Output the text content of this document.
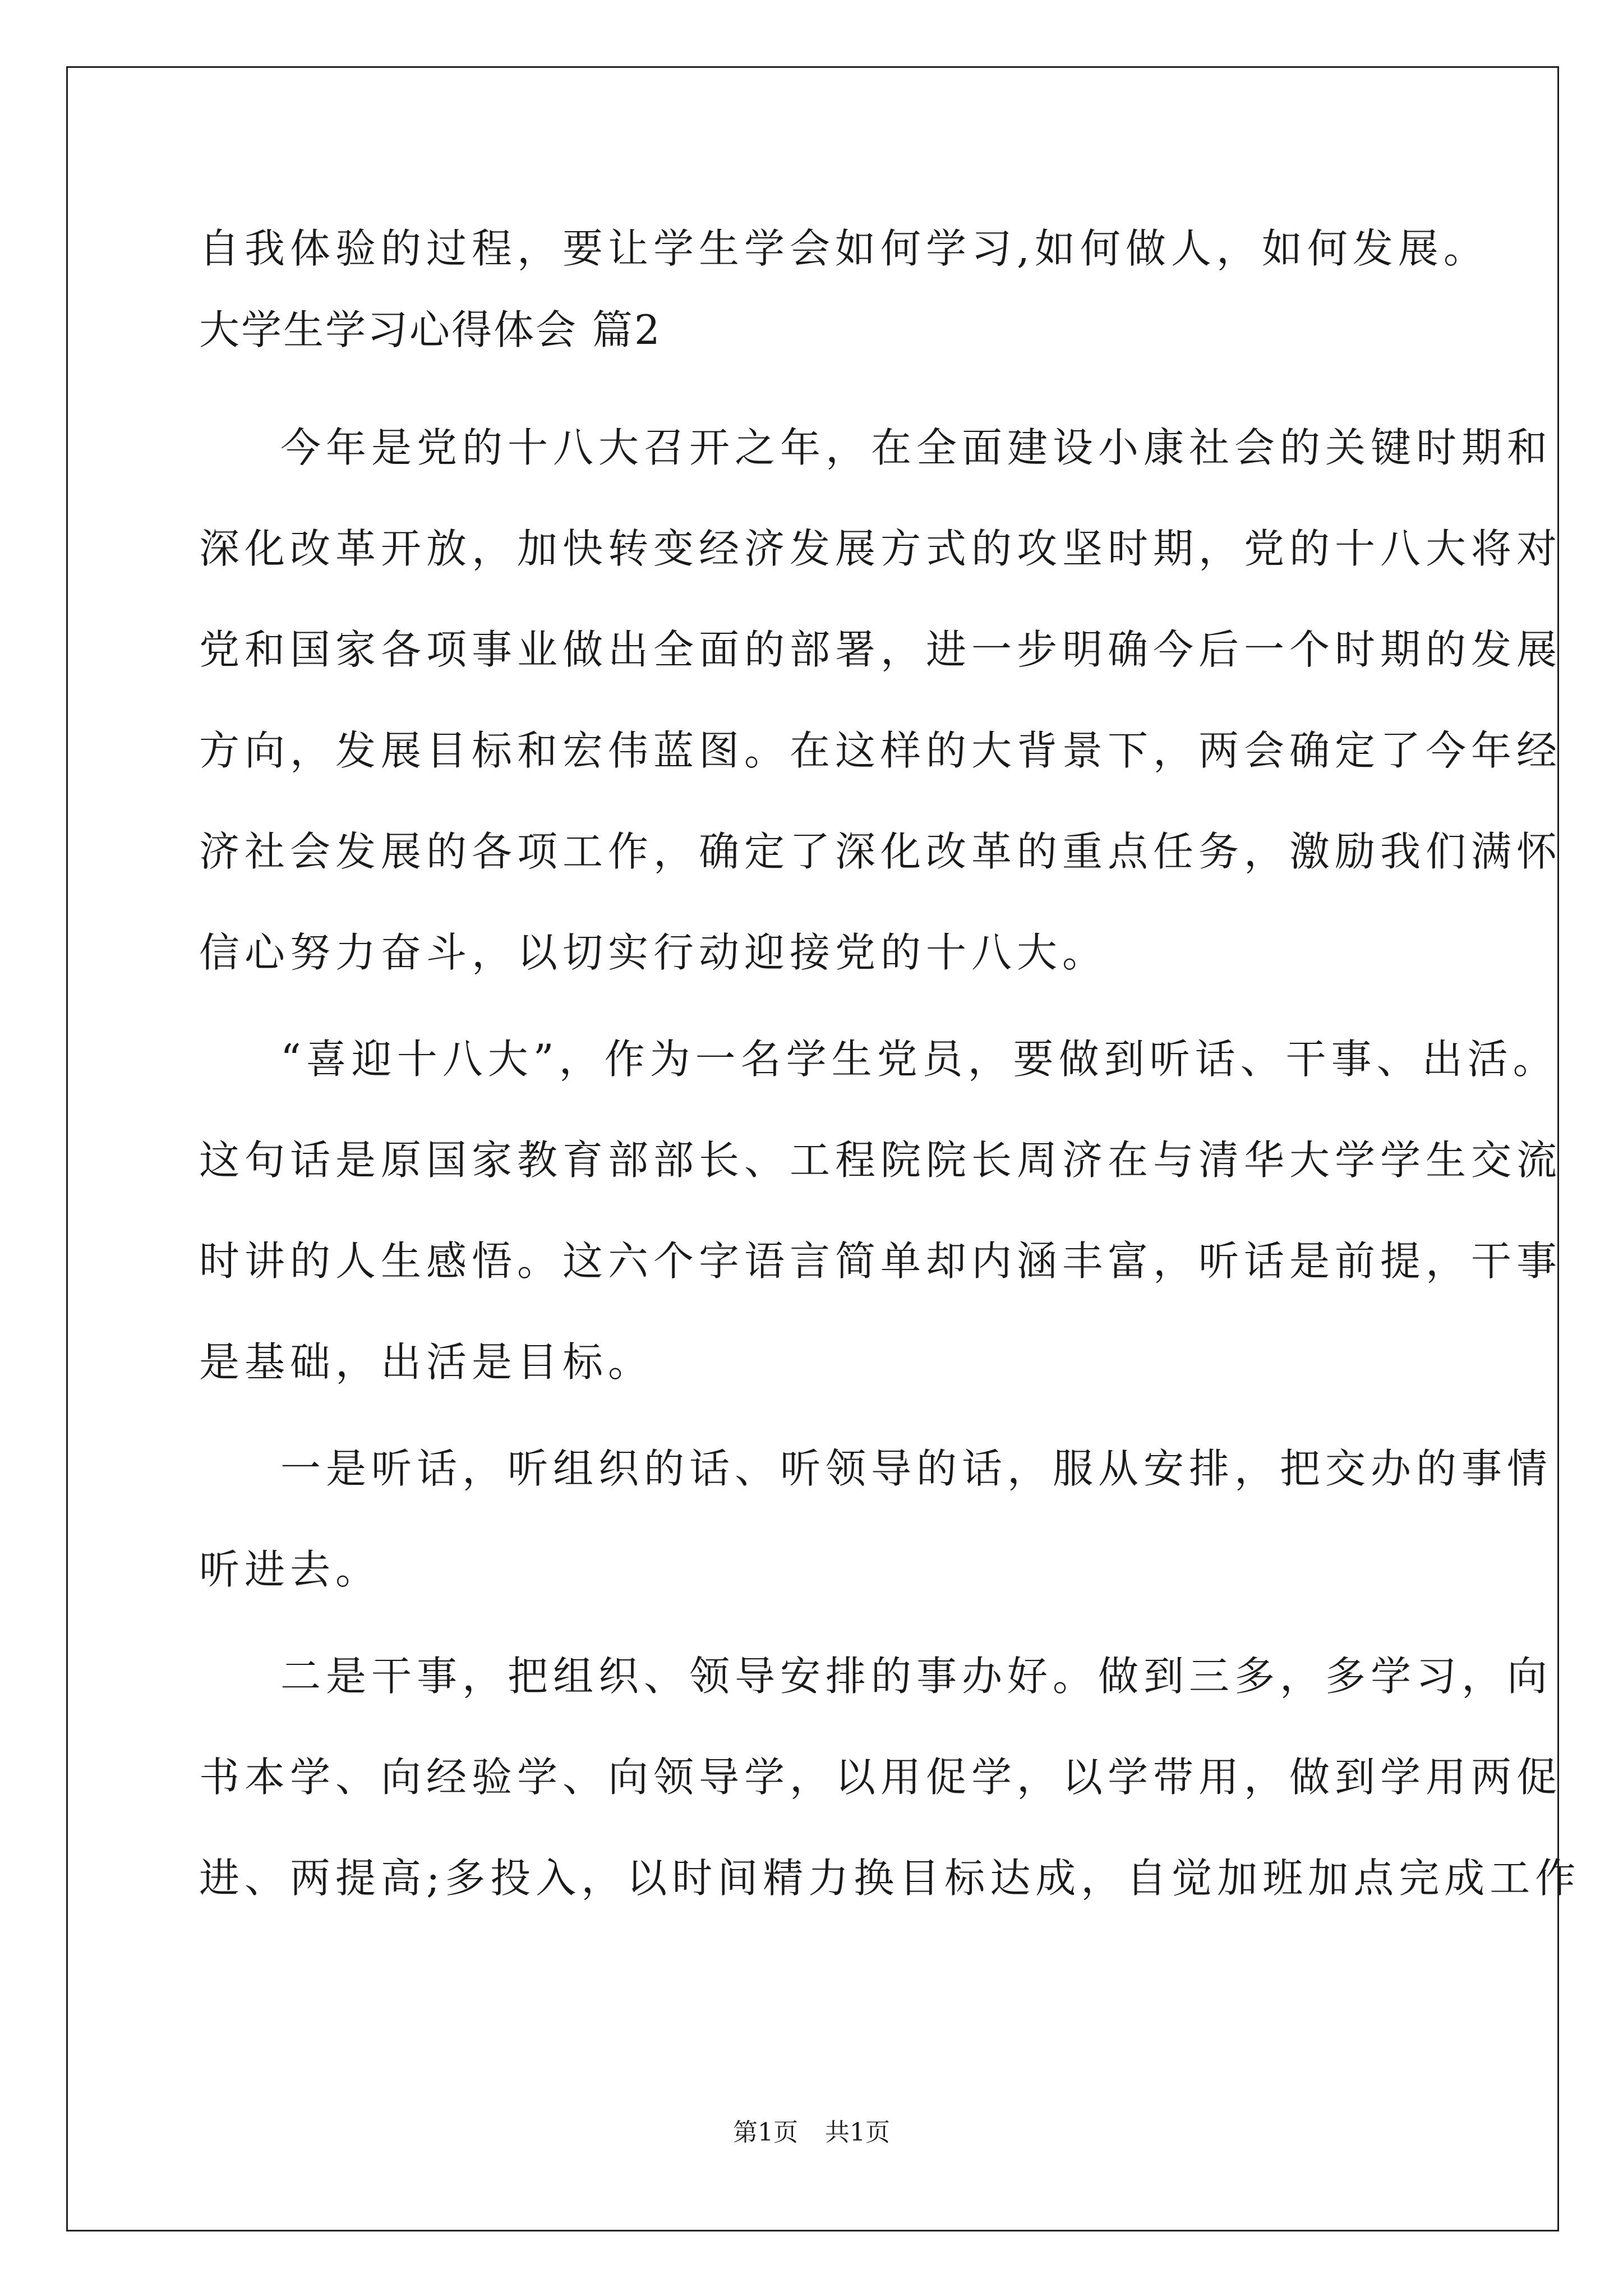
自我体验的过程，要让学生学会如何学习,如何做人，如何发展。
大学生学习心得体会 篇2
今年是党的十八大召开之年，在全面建设小康社会的关键时期和
深化改革开放，加快转变经济发展方式的攻坚时期，党的十八大将对
党和国家各项事业做出全面的部署，进一步明确今后一个时期的发展
方向，发展目标和宏伟蓝图。在这样的大背景下，两会确定了今年经
济社会发展的各项工作，确定了深化改革的重点任务，激励我们满怀
信心努力奋斗，以切实行动迎接党的十八大。
“喜迎十八大”，作为一名学生党员，要做到听话、干事、出活。
这句话是原国家教育部部长、工程院院长周济在与清华大学学生交流
时讲的人生感悟。这六个字语言简单却内涵丰富，听话是前提，干事
是基础，出活是目标。
一是听话，听组织的话、听领导的话，服从安排，把交办的事情
听进去。
二是干事，把组织、领导安排的事办好。做到三多，多学习，向
书本学、向经验学、向领导学，以用促学，以学带用，做到学用两促
进、两提高;多投入，以时间精力换目标达成，自觉加班加点完成工作
第1页 共1页
